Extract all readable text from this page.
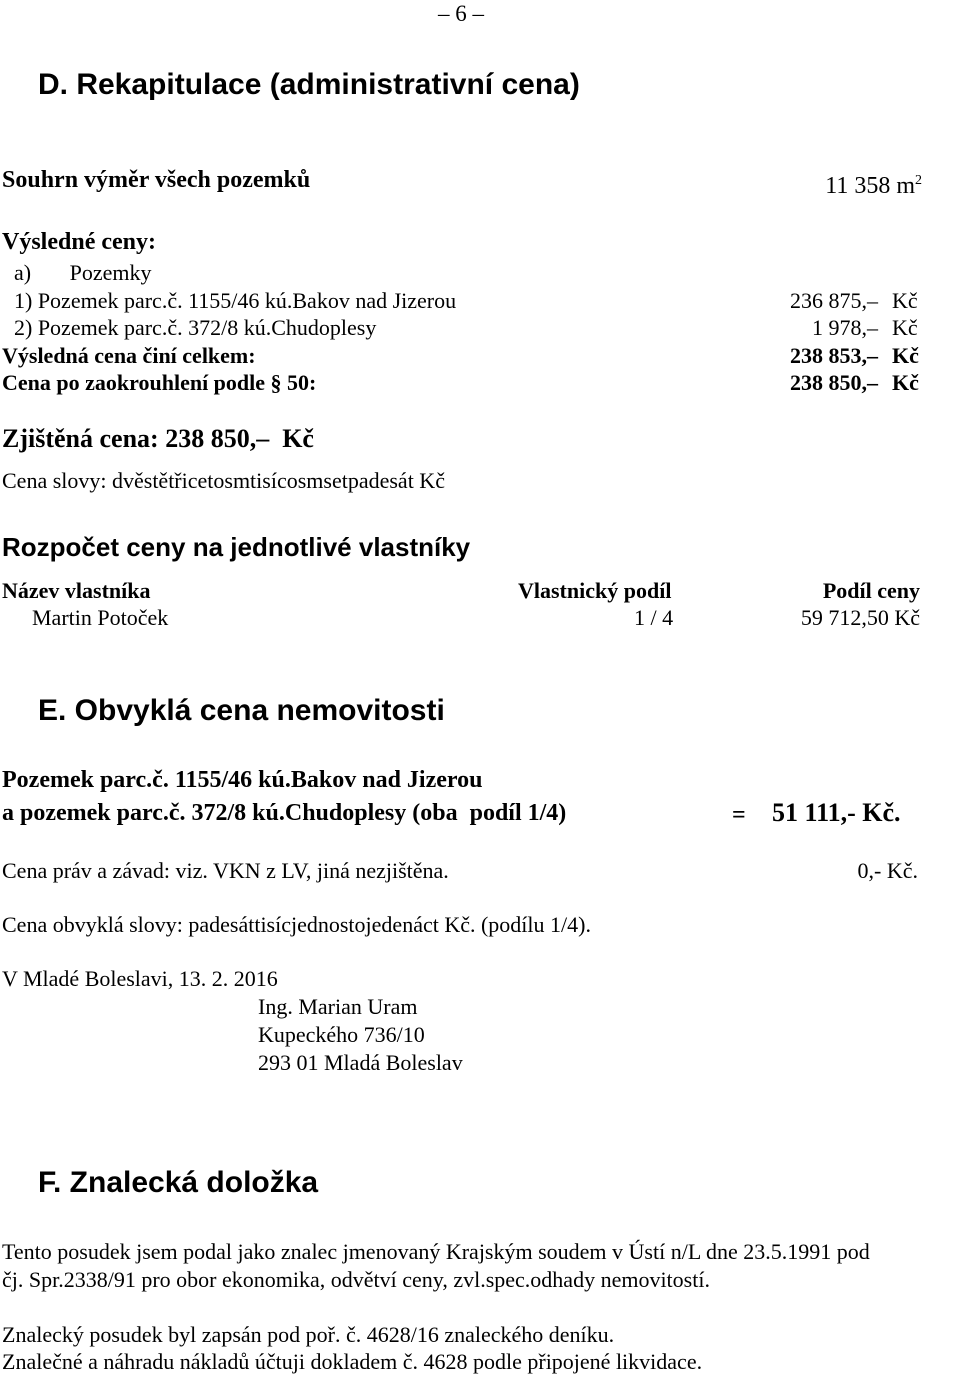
– 6 –
D. Rekapitulace (administrativní cena)
Souhrn výměr všech pozemků	11 358 $m^2$
Výsledné ceny:
a)       Pozemky
1) Pozemek parc.č. 1155/46 kú.Bakov nad Jizerou	236 875,– Kč
2) Pozemek parc.č. 372/8 kú.Chudoplesy	1 978,– Kč
Výsledná cena činí celkem:	238 853,– Kč
Cena po zaokrouhlení podle § 50:	238 850,– Kč
Zjištěná cena: 238 850,–  Kč
Cena slovy: dvěstětřicetosmtisícosmsetpadesát Kč
Rozpočet ceny na jednotlivé vlastníky
Název vlastníka	Vlastnický podíl	Podíl ceny
Martin Potoček	1 / 4	59 712,50 Kč
E. Obvyklá cena nemovitosti
Pozemek parc.č. 1155/46 kú.Bakov nad Jizerou
a pozemek parc.č. 372/8 kú.Chudoplesy (oba  podíl 1/4)	= 51 111,- Kč.
Cena práv a závad: viz. VKN z LV, jiná nezjištěna.	0,- Kč.
Cena obvyklá slovy: padesáttisícjednostojedenáct Kč. (podílu 1/4).
V Mladé Boleslavi, 13. 2. 2016
Ing. Marian Uram
Kupeckého 736/10
293 01 Mladá Boleslav
F. Znalecká doložka
Tento posudek jsem podal jako znalec jmenovaný Krajským soudem v Ústí n/L dne 23.5.1991 pod
čj. Spr.2338/91 pro obor ekonomika, odvětví ceny, zvl.spec.odhady nemovitostí.
Znalecký posudek byl zapsán pod poř. č. 4628/16 znaleckého deníku.
Znalečné a náhradu nákladů účtuji dokladem č. 4628 podle připojené likvidace.
